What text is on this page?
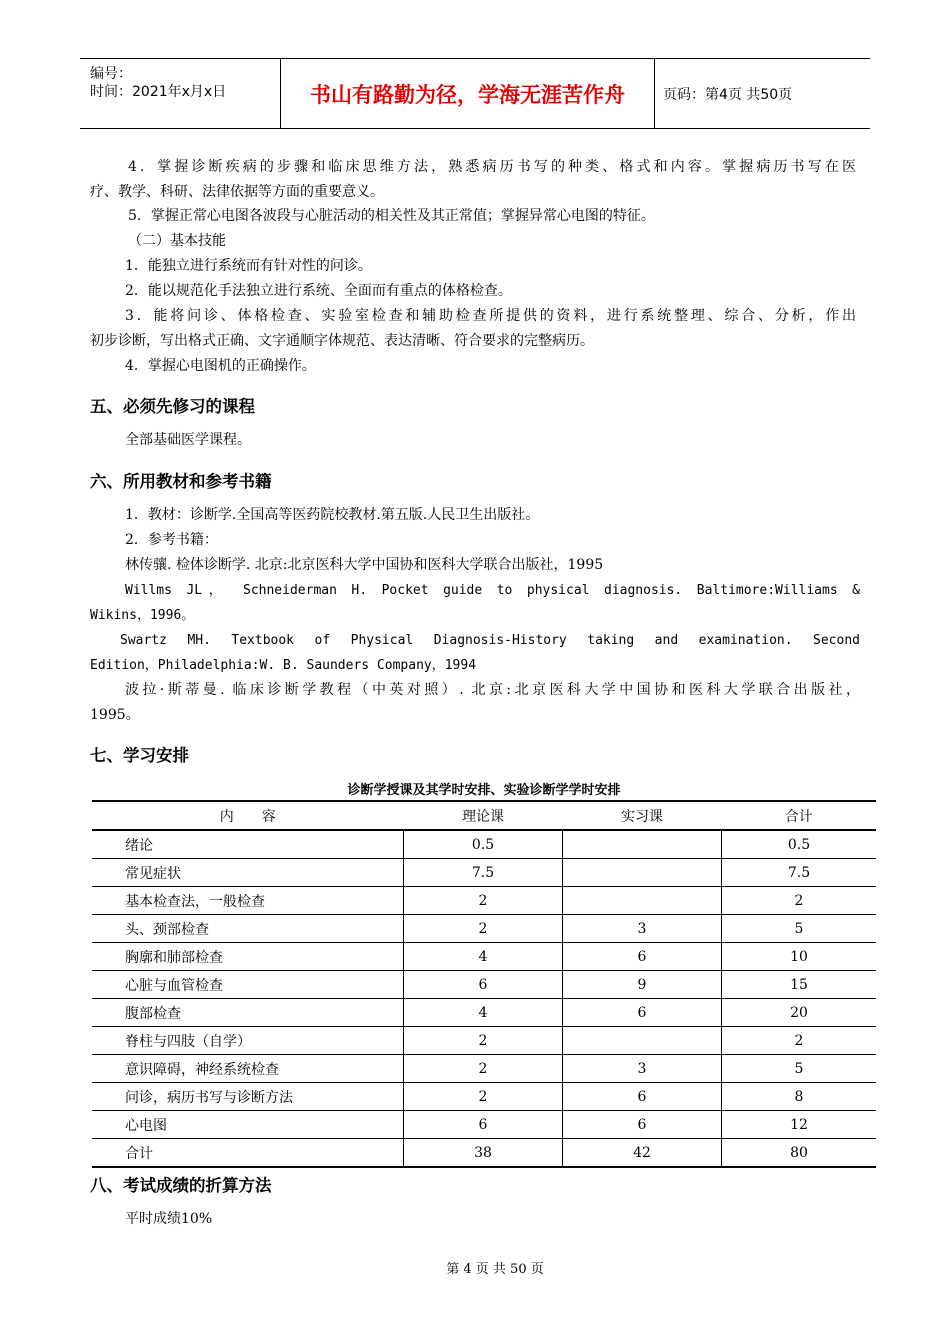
编号：
时间：2021年x月x日	书山有路勤为径，学海无涯苦作舟	页码：第4页 共50页
4．掌握诊断疾病的步骤和临床思维方法，熟悉病历书写的种类、格式和内容。掌握病历书写在医
疗、教学、科研、法律依据等方面的重要意义。
5．掌握正常心电图各波段与心脏活动的相关性及其正常值；掌握异常心电图的特征。
（二）基本技能
1．能独立进行系统而有针对性的问诊。
2．能以规范化手法独立进行系统、全面而有重点的体格检查。
3．能将问诊、体格检查、实验室检查和辅助检查所提供的资料，进行系统整理、综合、分析，作出
初步诊断，写出格式正确、文字通顺字体规范、表达清晰、符合要求的完整病历。
4．掌握心电图机的正确操作。
五、必须先修习的课程
全部基础医学课程。
六、所用教材和参考书籍
1．教材：诊断学.全国高等医药院校教材.第五版.人民卫生出版社。
2．参考书籍：
林传骧. 检体诊断学. 北京:北京医科大学中国协和医科大学联合出版社，1995
Willms JL， Schneiderman H. Pocket guide to physical diagnosis. Baltimore:Williams &
Wikins，1996。
Swartz MH. Textbook of Physical Diagnosis-History taking and examination. Second
Edition，Philadelphia:W. B. Saunders Company，1994
波拉·斯蒂曼. 临床诊断学教程（中英对照）. 北京:北京医科大学中国协和医科大学联合出版社，
1995。
七、学习安排
诊断学授课及其学时安排、实验诊断学学时安排
内　　容	理论课	实习课	合计
绪论	0.5		0.5
常见症状	7.5		7.5
基本检查法，一般检查	2		2
头、颈部检查	2	3	5
胸廓和肺部检查	4	6	10
心脏与血管检查	6	9	15
腹部检查	4	6	20
脊柱与四肢（自学）	2		2
意识障碍，神经系统检查	2	3	5
问诊，病历书写与诊断方法	2	6	8
心电图	6	6	12
合计	38	42	80
八、考试成绩的折算方法
平时成绩10%
第 4 页 共 50 页
